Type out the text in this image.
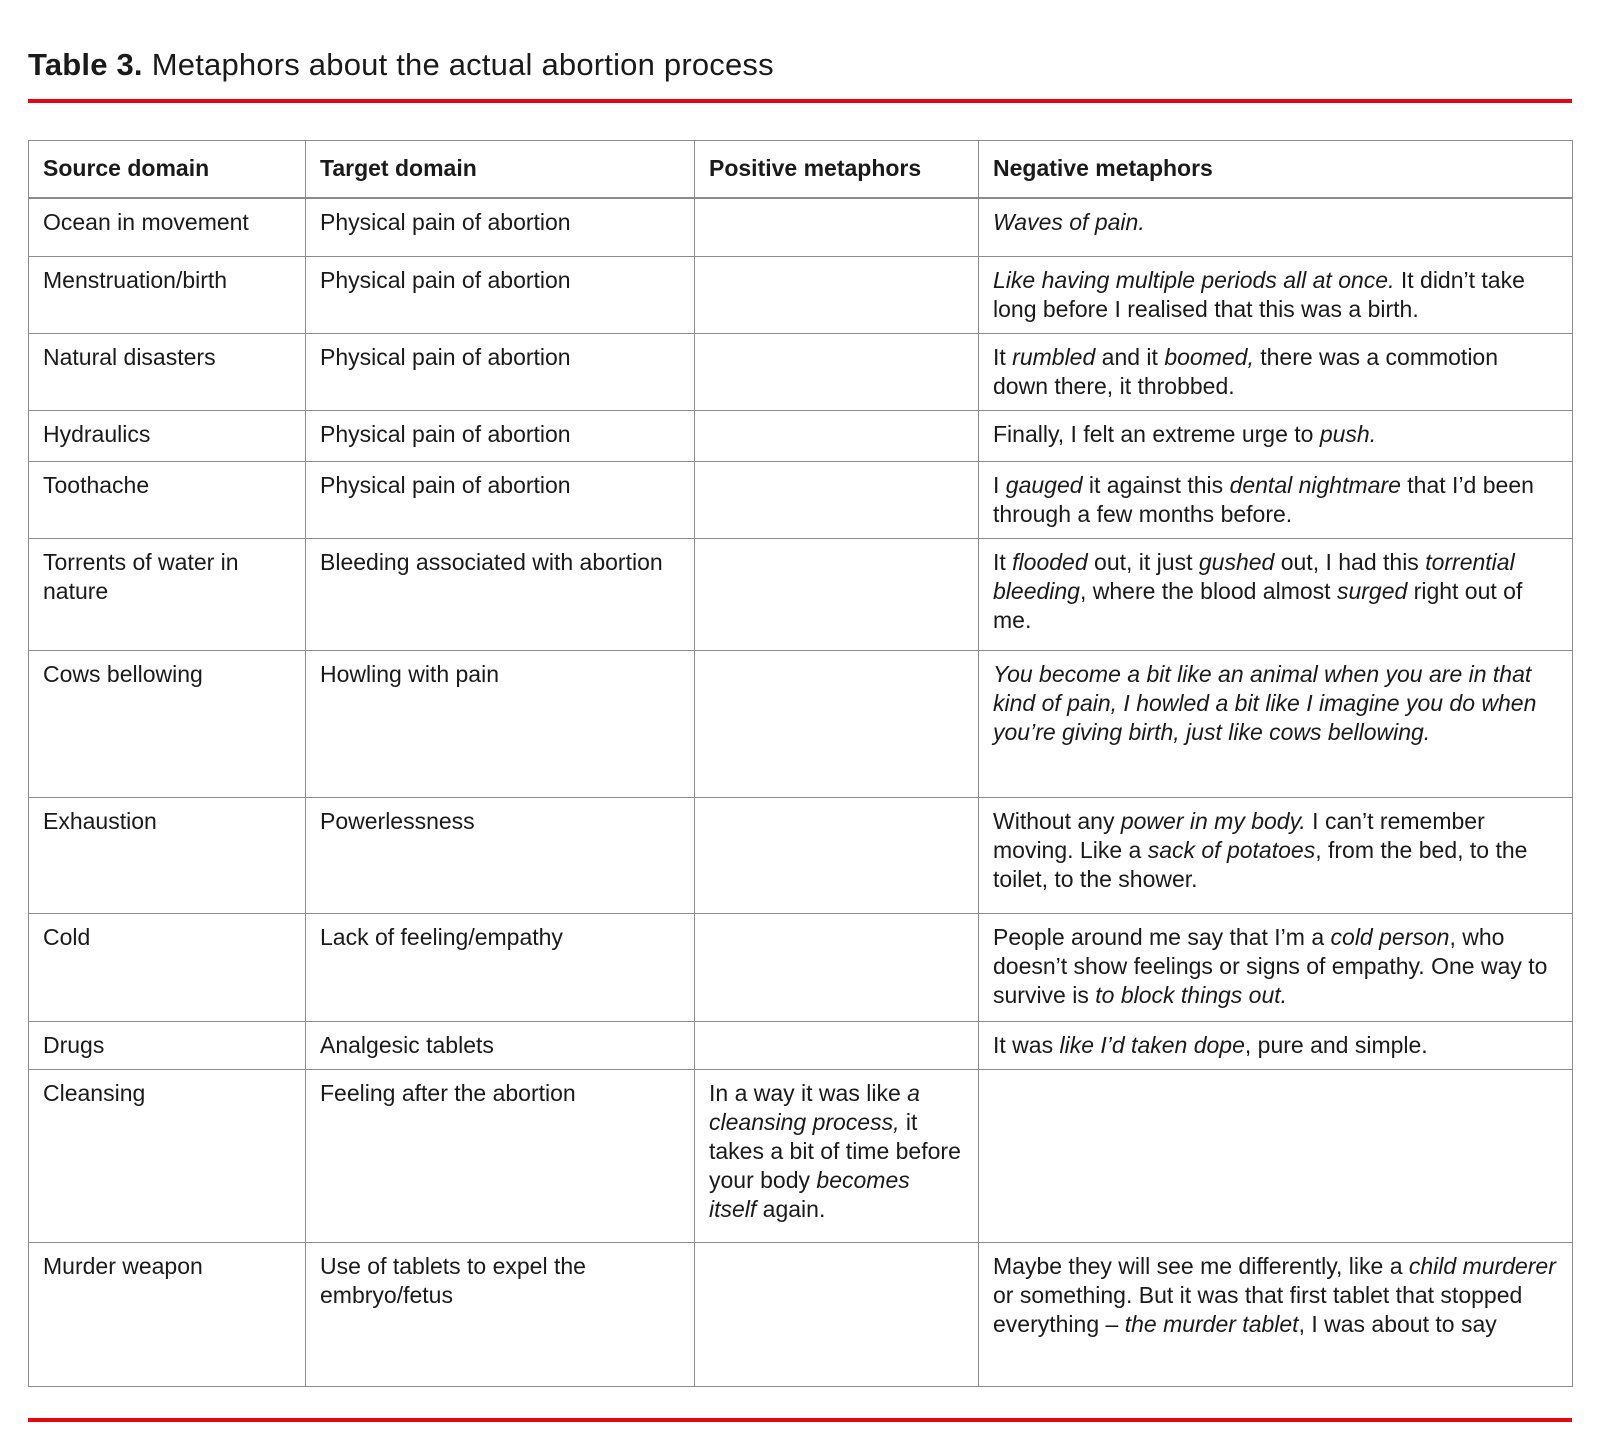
Table 3. Metaphors about the actual abortion process
Source domain	Target domain	Positive metaphors	Negative metaphors
Ocean in movement	Physical pain of abortion		Waves of pain.
Menstruation/birth	Physical pain of abortion		Like having multiple periods all at once. It didn’t take long before I realised that this was a birth.
Natural disasters	Physical pain of abortion		It rumbled and it boomed, there was a commotion down there, it throbbed.
Hydraulics	Physical pain of abortion		Finally, I felt an extreme urge to push.
Toothache	Physical pain of abortion		I gauged it against this dental nightmare that I’d been through a few months before.
Torrents of water in nature	Bleeding associated with abortion		It flooded out, it just gushed out, I had this torrential bleeding, where the blood almost surged right out of me.
Cows bellowing	Howling with pain		You become a bit like an animal when you are in that kind of pain, I howled a bit like I imagine you do when you’re giving birth, just like cows bellowing.
Exhaustion	Powerlessness		Without any power in my body. I can’t remember moving. Like a sack of potatoes, from the bed, to the toilet, to the shower.
Cold	Lack of feeling/empathy		People around me say that I’m a cold person, who doesn’t show feelings or signs of empathy. One way to survive is to block things out.
Drugs	Analgesic tablets		It was like I’d taken dope, pure and simple.
Cleansing	Feeling after the abortion	In a way it was like a cleansing process, it takes a bit of time before your body becomes itself again.	
Murder weapon	Use of tablets to expel the embryo/fetus		Maybe they will see me differently, like a child murderer or something. But it was that first tablet that stopped everything – the murder tablet, I was about to say
